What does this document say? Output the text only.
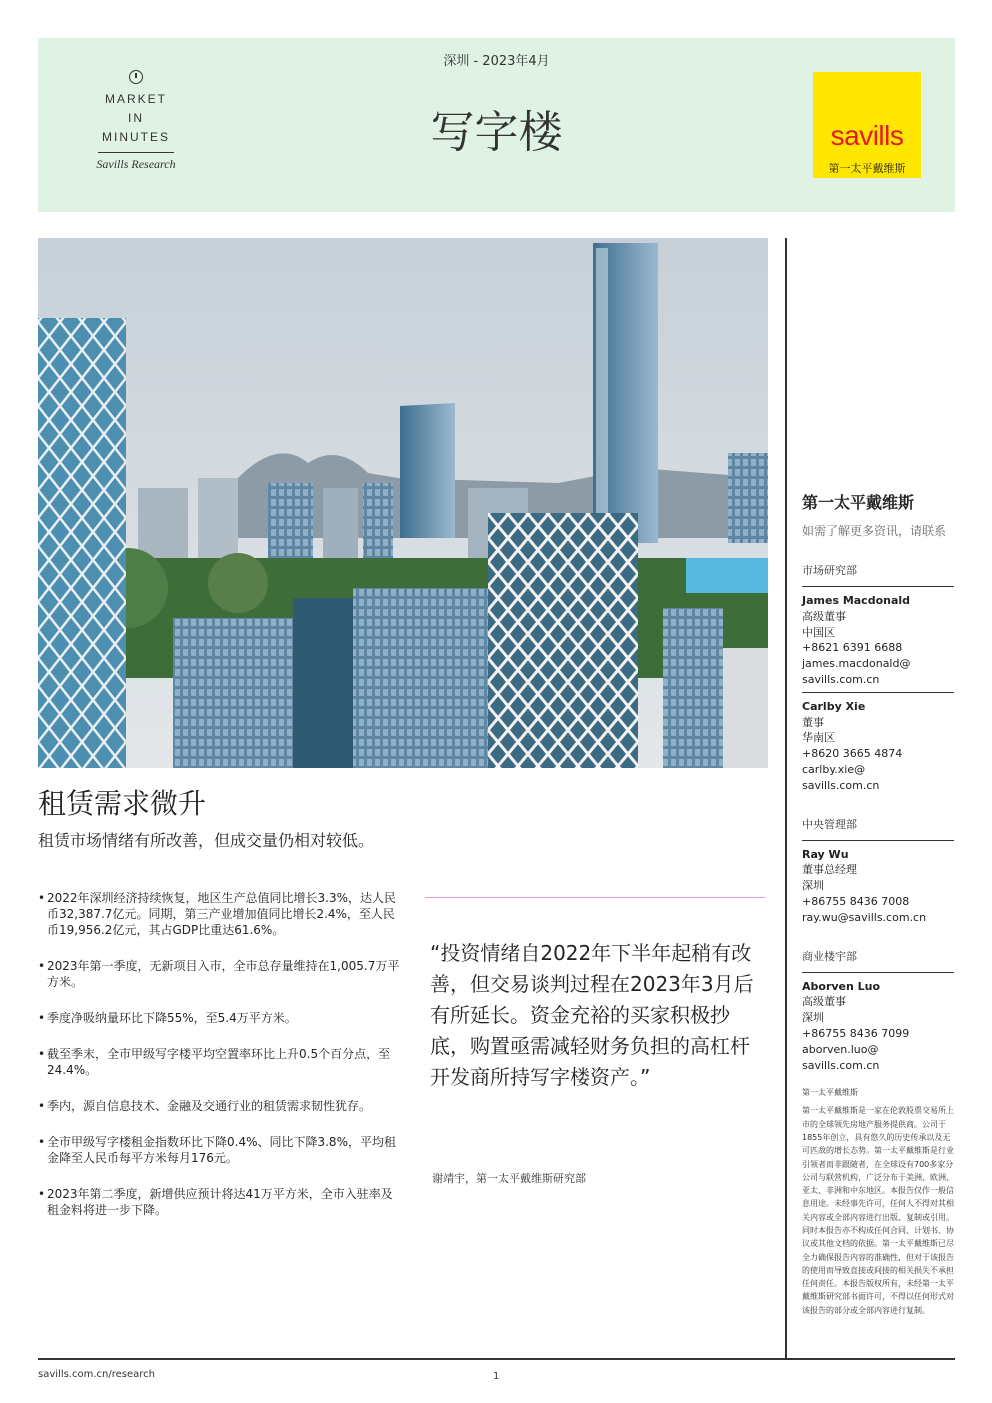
MARKET
IN
MINUTES
Savills Research
深圳 - 2023年4月
写字楼	savills
第一太平戴维斯
租赁需求微升
租赁市场情绪有所改善，但成交量仍相对较低。
• 2022年深圳经济持续恢复，地区生产总值同比增长3.3%，达人民币32,387.7亿元。同期，第三产业增加值同比增长2.4%，至人民币19,956.2亿元，其占GDP比重达61.6%。
• 2023年第一季度，无新项目入市，全市总存量维持在1,005.7万平方米。
• 季度净吸纳量环比下降55%，至5.4万平方米。
• 截至季末，全市甲级写字楼平均空置率环比上升0.5个百分点，至24.4%。
• 季内，源自信息技术、金融及交通行业的租赁需求韧性犹存。
• 全市甲级写字楼租金指数环比下降0.4%、同比下降3.8%，平均租金降至人民币每平方米每月176元。
• 2023年第二季度，新增供应预计将达41万平方米，全市入驻率及租金料将进一步下降。
“投资情绪自2022年下半年起稍有改善，但交易谈判过程在2023年3月后有所延长。资金充裕的买家积极抄底，购置亟需减轻财务负担的高杠杆开发商所持写字楼资产。”
谢靖宇，第一太平戴维斯研究部
第一太平戴维斯
如需了解更多资讯，请联系
市场研究部
James Macdonald
高级董事
中国区
+8621 6391 6688
james.macdonald@
savills.com.cn
Carlby Xie
董事
华南区
+8620 3665 4874
carlby.xie@
savills.com.cn
中央管理部
Ray Wu
董事总经理
深圳
+86755 8436 7008
ray.wu@savills.com.cn
商业楼宇部
Aborven Luo
高级董事
深圳
+86755 8436 7099
aborven.luo@
savills.com.cn
第一太平戴维斯
第一太平戴维斯是一家在伦敦股票交易所上市的全球领先房地产服务提供商。公司于1855年创立，具有悠久的历史传承以及无可匹敌的增长态势。第一太平戴维斯是行业引领者而非跟随者，在全球设有700多家分公司与联营机构，广泛分布于美洲、欧洲、亚太、非洲和中东地区。本报告仅作一般信息用途。未经事先许可，任何人不得对其相关内容或全部内容进行出版、复制或引用。同时本报告亦不构成任何合同、计划书、协议或其他文档的依据。第一太平戴维斯已尽全力确保报告内容的准确性，但对于该报告的使用而导致直接或间接的相关损失不承担任何责任。本报告版权所有，未经第一太平戴维斯研究部书面许可，不得以任何形式对该报告的部分或全部内容进行复制。
savills.com.cn/research	1
